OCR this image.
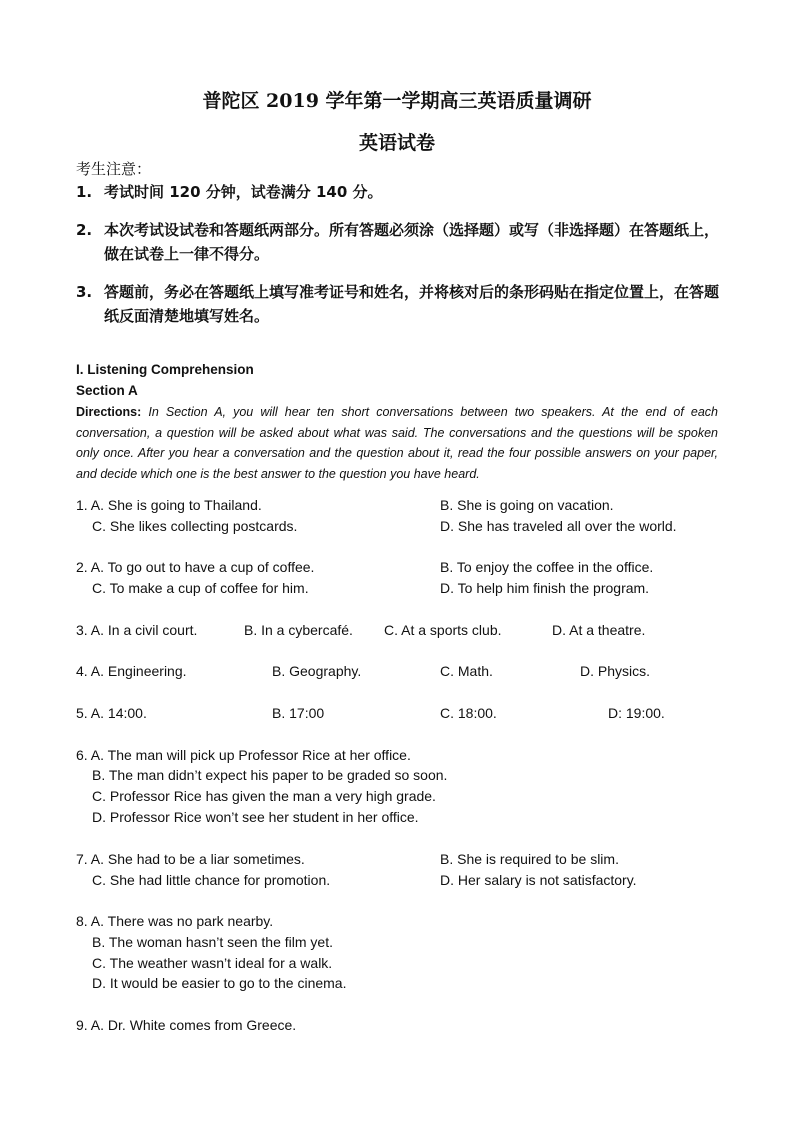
普陀区 2019 学年第一学期高三英语质量调研
英语试卷
考生注意：
1. 考试时间 120 分钟，试卷满分 140 分。
2. 本次考试设试卷和答题纸两部分。所有答题必须涂（选择题）或写（非选择题）在答题纸上，做在试卷上一律不得分。
3. 答题前，务必在答题纸上填写准考证号和姓名，并将核对后的条形码贴在指定位置上，在答题纸反面清楚地填写姓名。
I. Listening Comprehension
Section A
Directions: In Section A, you will hear ten short conversations between two speakers. At the end of each conversation, a question will be asked about what was said. The conversations and the questions will be spoken only once. After you hear a conversation and the question about it, read the four possible answers on your paper, and decide which one is the best answer to the question you have heard.
1. A. She is going to Thailand.	B. She is going on vacation.
C. She likes collecting postcards.	D. She has traveled all over the world.
2. A. To go out to have a cup of coffee.	B. To enjoy the coffee in the office.
C. To make a cup of coffee for him.	D. To help him finish the program.
3. A. In a civil court.	B. In a cybercafé. C. At a sports club.	D. At a theatre.
4. A. Engineering.	B. Geography.	C. Math.	D. Physics.
5. A. 14:00.	B. 17:00	C. 18:00.	D: 19:00.
6. A. The man will pick up Professor Rice at her office.
B. The man didn’t expect his paper to be graded so soon.
C. Professor Rice has given the man a very high grade.
D. Professor Rice won’t see her student in her office.
7. A. She had to be a liar sometimes.	B. She is required to be slim.
C. She had little chance for promotion.	D. Her salary is not satisfactory.
8. A. There was no park nearby.
B. The woman hasn’t seen the film yet.
C. The weather wasn’t ideal for a walk.
D. It would be easier to go to the cinema.
9. A. Dr. White comes from Greece.
